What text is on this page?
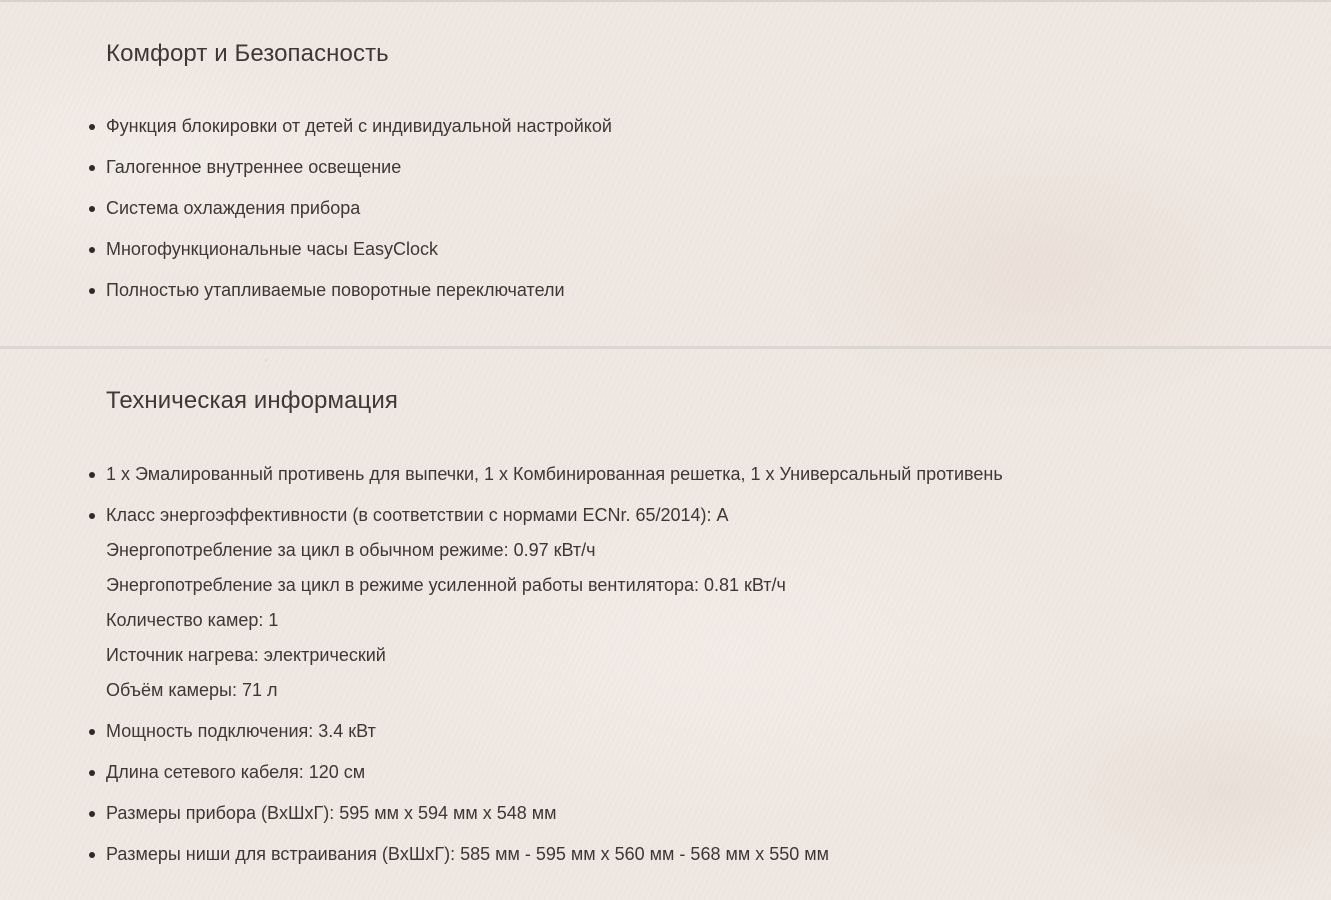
Комфорт и Безопасность
Функция блокировки от детей с индивидуальной настройкой
Галогенное внутреннее освещение
Система охлаждения прибора
Многофункциональные часы EasyClock
Полностью утапливаемые поворотные переключатели
Техническая информация
1 x Эмалированный противень для выпечки, 1 x Комбинированная решетка, 1 x Универсальный противень
Класс энергоэффективности (в соответствии с нормами ECNr. 65/2014): A
Энергопотребление за цикл в обычном режиме: 0.97 кВт/ч
Энергопотребление за цикл в режиме усиленной работы вентилятора: 0.81 кВт/ч
Количество камер: 1
Источник нагрева: электрический
Объём камеры: 71 л
Мощность подключения: 3.4 кВт
Длина сетевого кабеля: 120 см
Размеры прибора (ВxШxГ): 595 мм x 594 мм x 548 мм
Размеры ниши для встраивания (ВxШxГ): 585 мм - 595 мм x 560 мм - 568 мм x 550 мм
